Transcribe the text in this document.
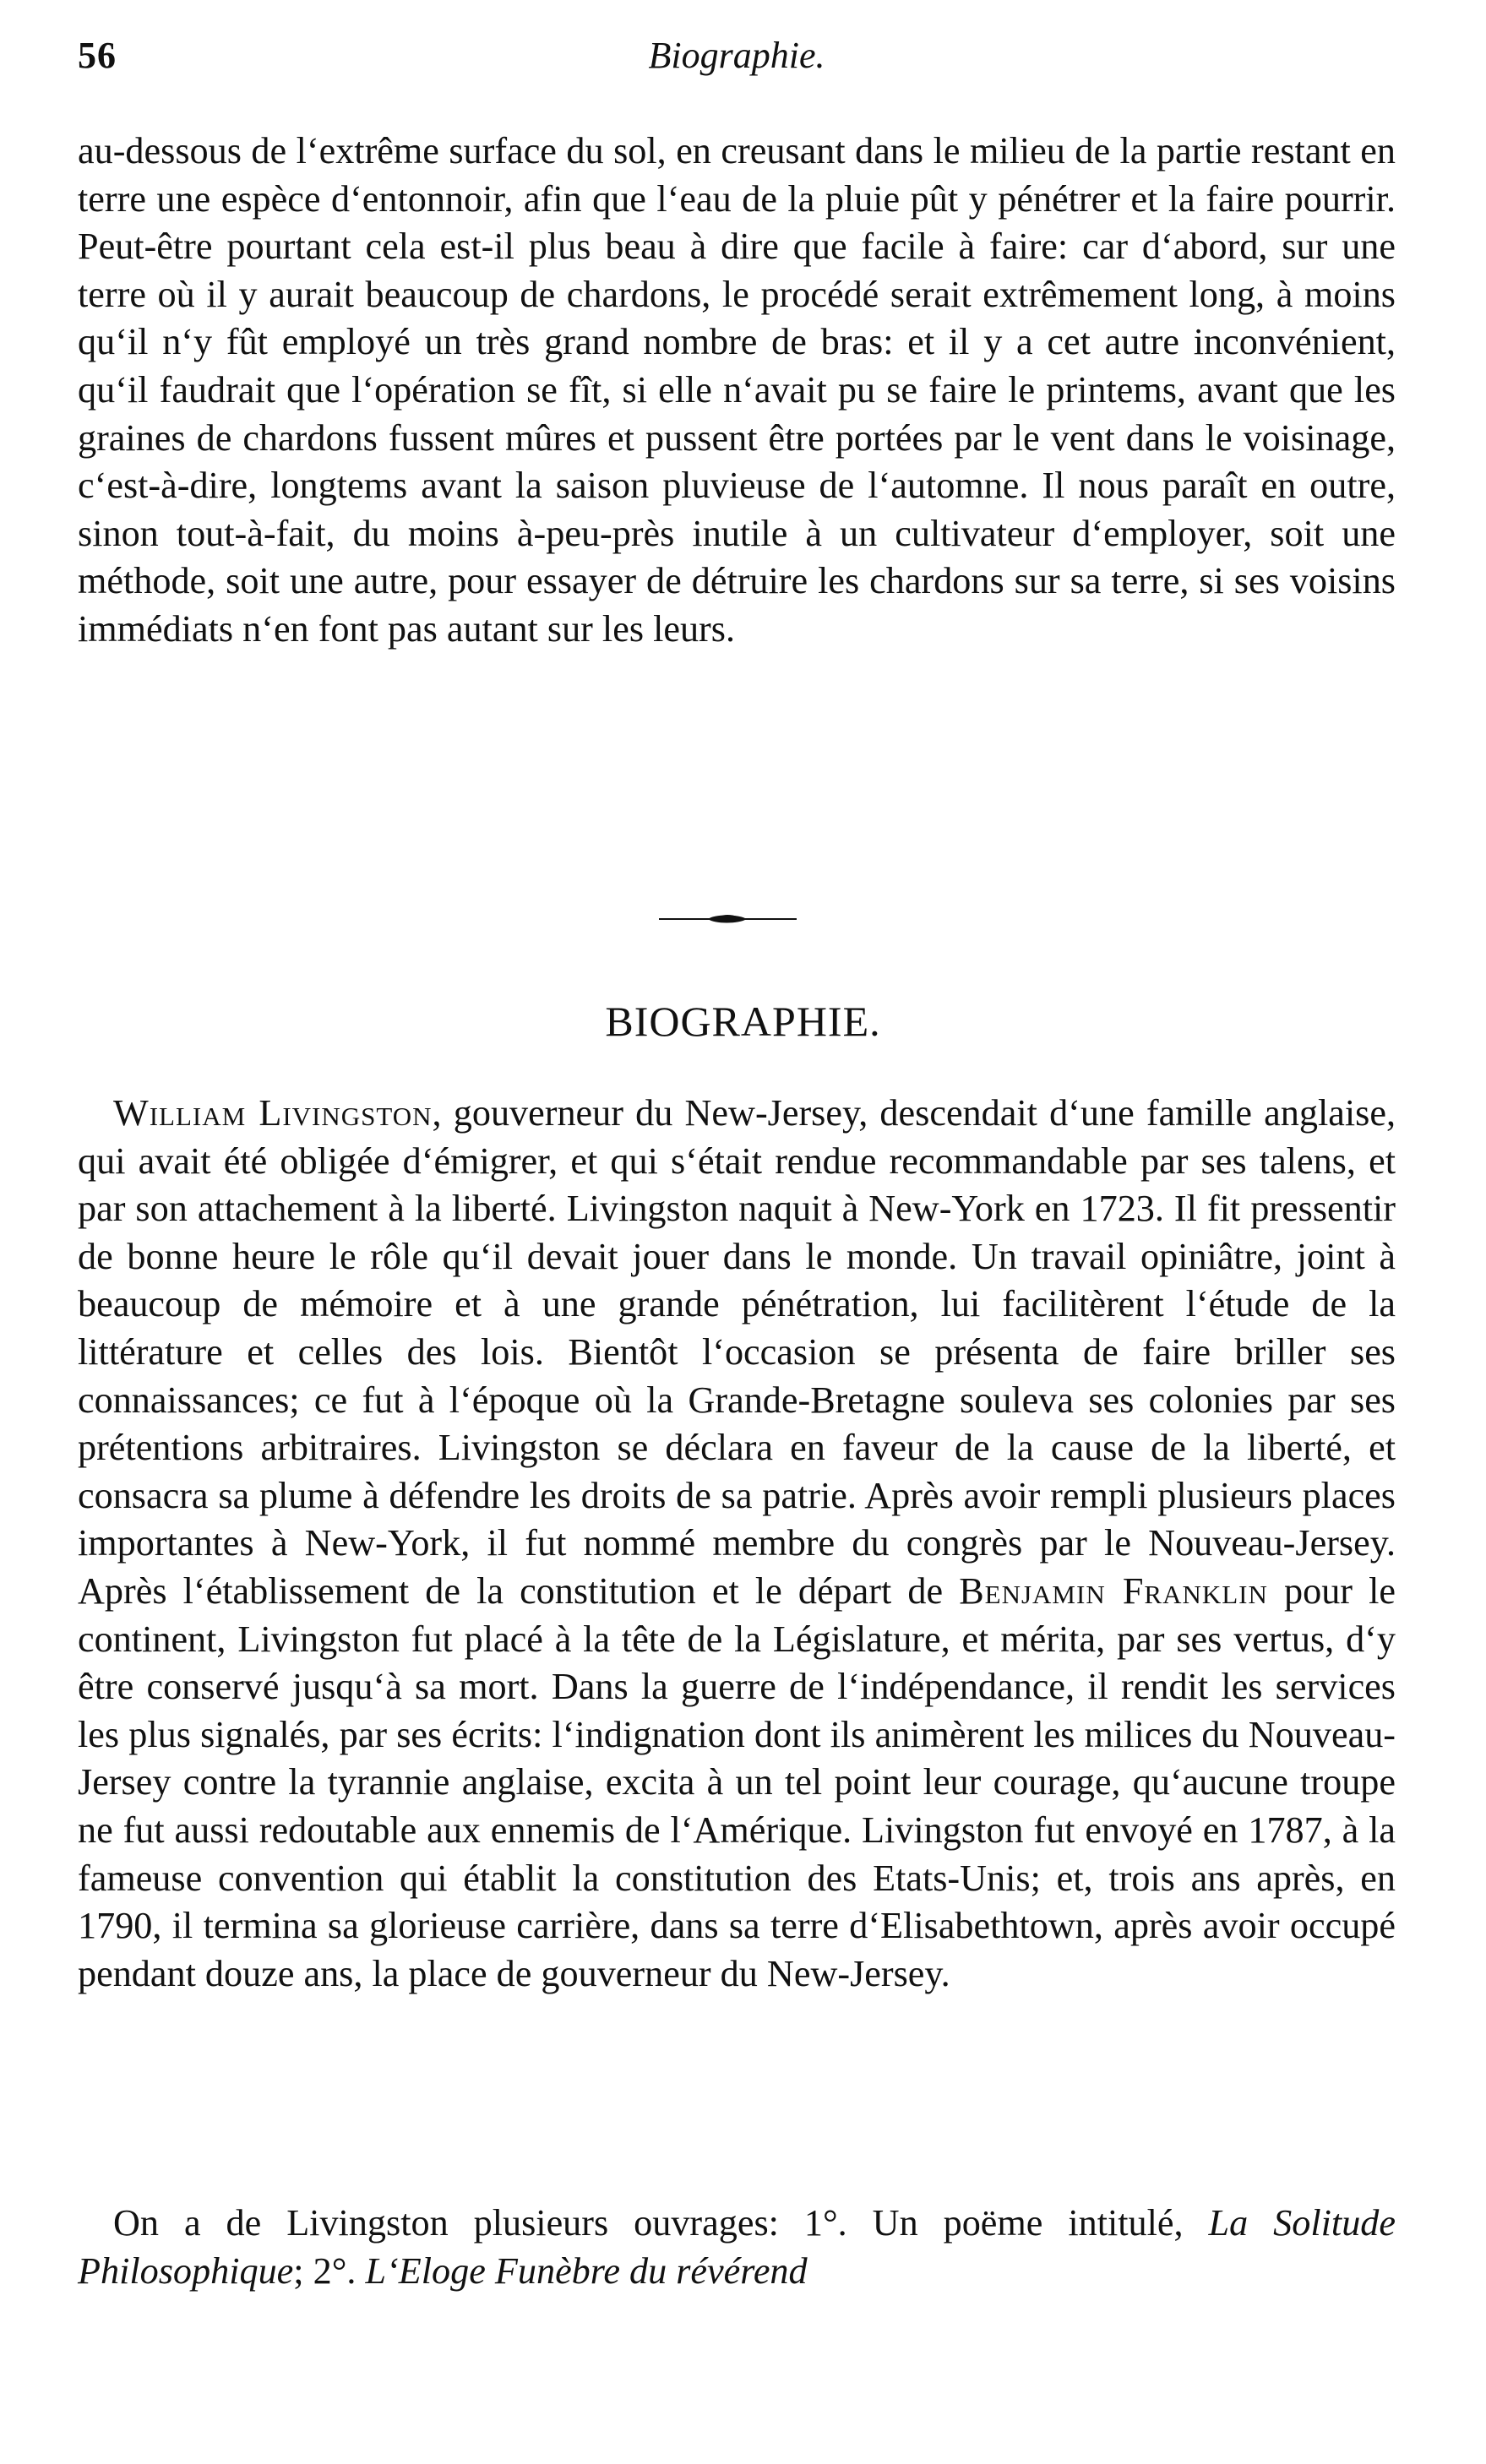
56	Biographie.

au-dessous de l‘extrême surface du sol, en creusant dans le milieu de la partie restant en terre une espèce d‘entonnoir, afin que l‘eau de la pluie pût y pénétrer et la faire pourrir. Peut-être pourtant cela est-il plus beau à dire que facile à faire: car d‘abord, sur une terre où il y aurait beaucoup de chardons, le procédé serait extrêmement long, à moins qu‘il n‘y fût employé un très grand nombre de bras: et il y a cet autre inconvénient, qu‘il faudrait que l‘opération se fît, si elle n‘avait pu se faire le printems, avant que les graines de chardons fussent mûres et pussent être portées par le vent dans le voisinage, c‘est-à-dire, longtems avant la saison pluvieuse de l‘automne. Il nous paraît en outre, sinon tout-à-fait, du moins à-peu-près inutile à un cultivateur d‘employer, soit une méthode, soit une autre, pour essayer de détruire les chardons sur sa terre, si ses voisins immédiats n‘en font pas autant sur les leurs.

BIOGRAPHIE.

William Livingston, gouverneur du New-Jersey, descendait d‘une famille anglaise, qui avait été obligée d‘émigrer, et qui s‘était rendue recommandable par ses talens, et par son attachement à la liberté. Livingston naquit à New-York en 1723. Il fit pressentir de bonne heure le rôle qu‘il devait jouer dans le monde. Un travail opiniâtre, joint à beaucoup de mémoire et à une grande pénétration, lui facilitèrent l‘étude de la littérature et celles des lois. Bientôt l‘occasion se présenta de faire briller ses connaissances; ce fut à l‘époque où la Grande-Bretagne souleva ses colonies par ses prétentions arbitraires. Livingston se déclara en faveur de la cause de la liberté, et consacra sa plume à défendre les droits de sa patrie. Après avoir rempli plusieurs places importantes à New-York, il fut nommé membre du congrès par le Nouveau-Jersey. Après l‘établissement de la constitution et le départ de Benjamin Franklin pour le continent, Livingston fut placé à la tête de la Législature, et mérita, par ses vertus, d‘y être conservé jusqu‘à sa mort. Dans la guerre de l‘indépendance, il rendit les services les plus signalés, par ses écrits: l‘indignation dont ils animèrent les milices du Nouveau-Jersey contre la tyrannie anglaise, excita à un tel point leur courage, qu‘aucune troupe ne fut aussi redoutable aux ennemis de l‘Amérique. Livingston fut envoyé en 1787, à la fameuse convention qui établit la constitution des Etats-Unis; et, trois ans après, en 1790, il termina sa glorieuse carrière, dans sa terre d‘Elisabethtown, après avoir occupé pendant douze ans, la place de gouverneur du New-Jersey.

On a de Livingston plusieurs ouvrages: 1°. Un poëme intitulé, La Solitude Philosophique; 2°. L‘Eloge Funèbre du révérend
